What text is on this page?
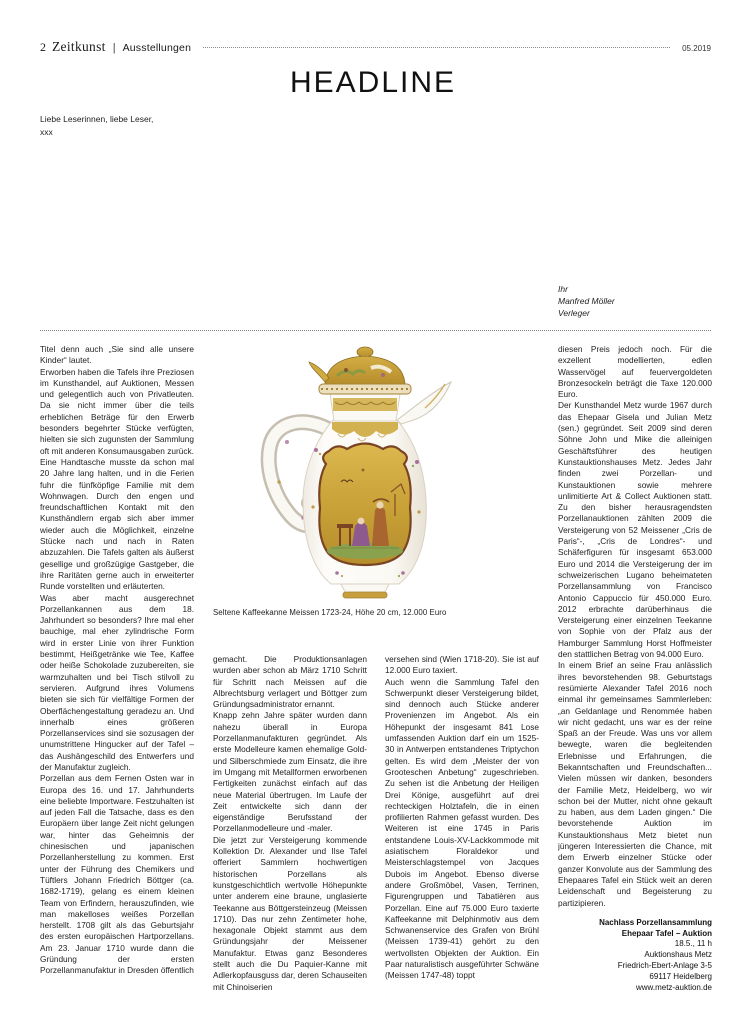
2 Zeitkunst | Ausstellungen	05.2019
HEADLINE
Liebe Leserinnen, liebe Leser,
xxx
Ihr
Manfred Möller
Verleger
Seltene Kaffeekanne Meissen 1723-24, Höhe 20 cm, 12.000 Euro

Titel denn auch „Sie sind alle unsere Kinder“ lautet.

Erworben haben die Tafels ihre Preziosen im Kunsthandel, auf Auktionen, Messen und gelegentlich auch von Privatleuten. Da sie nicht immer über die teils erheblichen Beträge für den Erwerb besonders begehrter Stücke verfügten, hielten sie sich zugunsten der Sammlung oft mit anderen Konsumausgaben zurück. Eine Handtasche musste da schon mal 20 Jahre lang halten, und in die Ferien fuhr die fünfköpfige Familie mit dem Wohnwagen. Durch den engen und freundschaftlichen Kontakt mit den Kunsthändlern ergab sich aber immer wieder auch die Möglichkeit, einzelne Stücke nach und nach in Raten abzuzahlen. Die Tafels galten als äußerst gesellige und großzügige Gastgeber, die ihre Raritäten gerne auch in erweiterter Runde vorstellten und erläuterten.

Was aber macht ausgerechnet Porzellankannen aus dem 18. Jahrhundert so besonders? Ihre mal eher bauchige, mal eher zylindrische Form wird in erster Linie von ihrer Funktion bestimmt, Heißgetränke wie Tee, Kaffee oder heiße Schokolade zuzubereiten, sie warmzuhalten und bei Tisch stilvoll zu servieren. Aufgrund ihres Volumens bieten sie sich für vielfältige Formen der Oberflächengestaltung geradezu an. Und innerhalb eines größeren Porzellanservices sind sie sozusagen der unumstrittene Hingucker auf der Tafel – das Aushängeschild des Entwerfers und der Manufaktur zugleich.

Porzellan aus dem Fernen Osten war in Europa des 16. und 17. Jahrhunderts eine beliebte Importware. Festzuhalten ist auf jeden Fall die Tatsache, dass es den Europäern über lange Zeit nicht gelungen war, hinter das Geheimnis der chinesischen und japanischen Porzellanherstellung zu kommen. Erst unter der Führung des Chemikers und Tüftlers Johann Friedrich Böttger (ca. 1682-1719), gelang es einem kleinen Team von Erfindern, herauszufinden, wie man makelloses weißes Porzellan herstellt. 1708 gilt als das Geburtsjahr des ersten europäischen Hartporzellans. Am 23. Januar 1710 wurde dann die Gründung der ersten Porzellanmanufaktur in Dresden öffentlich

gemacht. Die Produktionsanlagen wurden aber schon ab März 1710 Schritt für Schritt nach Meissen auf die Albrechtsburg verlagert und Böttger zum Gründungsadministrator ernannt.

Knapp zehn Jahre später wurden dann nahezu überall in Europa Porzellanmanufakturen gegründet. Als erste Modelleure kamen ehemalige Gold- und Silberschmiede zum Einsatz, die ihre im Umgang mit Metallformen erworbenen Fertigkeiten zunächst einfach auf das neue Material übertrugen. Im Laufe der Zeit entwickelte sich dann der eigenständige Berufsstand der Porzellanmodelleure und -maler.

Die jetzt zur Versteigerung kommende Kollektion Dr. Alexander und Ilse Tafel offeriert Sammlern hochwertigen historischen Porzellans als kunstgeschichtlich wertvolle Höhepunkte unter anderem eine braune, unglasierte Teekanne aus Böttgersteinzeug (Meissen 1710). Das nur zehn Zentimeter hohe, hexagonale Objekt stammt aus dem Gründungsjahr der Meissener Manufaktur. Etwas ganz Besonderes stellt auch die Du Paquier-Kanne mit Adlerkopfausguss dar, deren Schauseiten mit Chinoiserien

versehen sind (Wien 1718-20). Sie ist auf 12.000 Euro taxiert.

Auch wenn die Sammlung Tafel den Schwerpunkt dieser Versteigerung bildet, sind dennoch auch Stücke anderer Provenienzen im Angebot. Als ein Höhepunkt der insgesamt 841 Lose umfassenden Auktion darf ein um 1525-30 in Antwerpen entstandenes Triptychon gelten. Es wird dem „Meister der von Grooteschen Anbetung“ zugeschrieben. Zu sehen ist die Anbetung der Heiligen Drei Könige, ausgeführt auf drei rechteckigen Holztafeln, die in einen profilierten Rahmen gefasst wurden. Des Weiteren ist eine 1745 in Paris entstandene Louis-XV-Lackkommode mit asiatischem Floraldekor und Meisterschlagstempel von Jacques Dubois im Angebot. Ebenso diverse andere Großmöbel, Vasen, Terrinen, Figurengruppen und Tabatièren aus Porzellan. Eine auf 75.000 Euro taxierte Kaffeekanne mit Delphinmotiv aus dem Schwanenservice des Grafen von Brühl (Meissen 1739-41) gehört zu den wertvollsten Objekten der Auktion. Ein Paar naturalistisch ausgeführter Schwäne (Meissen 1747-48) toppt

diesen Preis jedoch noch. Für die exzellent modellierten, edlen Wasservögel auf feuervergoldeten Bronzesockeln beträgt die Taxe 120.000 Euro.

Der Kunsthandel Metz wurde 1967 durch das Ehepaar Gisela und Julian Metz (sen.) gegründet. Seit 2009 sind deren Söhne John und Mike die alleinigen Geschäftsführer des heutigen Kunstauktionshauses Metz. Jedes Jahr finden zwei Porzellan- und Kunstauktionen sowie mehrere unlimitierte Art & Collect Auktionen statt. Zu den bisher herausragendsten Porzellanauktionen zählten 2009 die Versteigerung von 52 Meissener „Cris de Paris“-, „Cris de Londres“- und Schäferfiguren für insgesamt 653.000 Euro und 2014 die Versteigerung der im schweizerischen Lugano beheimateten Porzellansammlung von Francisco Antonio Cappuccio für 450.000 Euro. 2012 erbrachte darüberhinaus die Versteigerung einer einzelnen Teekanne von Sophie von der Pfalz aus der Hamburger Sammlung Horst Hoffmeister den stattlichen Betrag von 94.000 Euro.

In einem Brief an seine Frau anlässlich ihres bevorstehenden 98. Geburtstags resümierte Alexander Tafel 2016 noch einmal ihr gemeinsames Sammlerleben: „an Geldanlage und Renommée haben wir nicht gedacht, uns war es der reine Spaß an der Freude. Was uns vor allem bewegte, waren die begleitenden Erlebnisse und Erfahrungen, die Bekanntschaften und Freundschaften... Vielen müssen wir danken, besonders der Familie Metz, Heidelberg, wo wir schon bei der Mutter, nicht ohne gekauft zu haben, aus dem Laden gingen.“ Die bevorstehende Auktion im Kunstauktionshaus Metz bietet nun jüngeren Interessierten die Chance, mit dem Erwerb einzelner Stücke oder ganzer Konvolute aus der Sammlung des Ehepaares Tafel ein Stück weit an deren Leidenschaft und Begeisterung zu partizipieren.

Nachlass Porzellansammlung
Ehepaar Tafel – Auktion
18.5., 11 h
Auktionshaus Metz
Friedrich-Ebert-Anlage 3-5
69117 Heidelberg
www.metz-auktion.de
